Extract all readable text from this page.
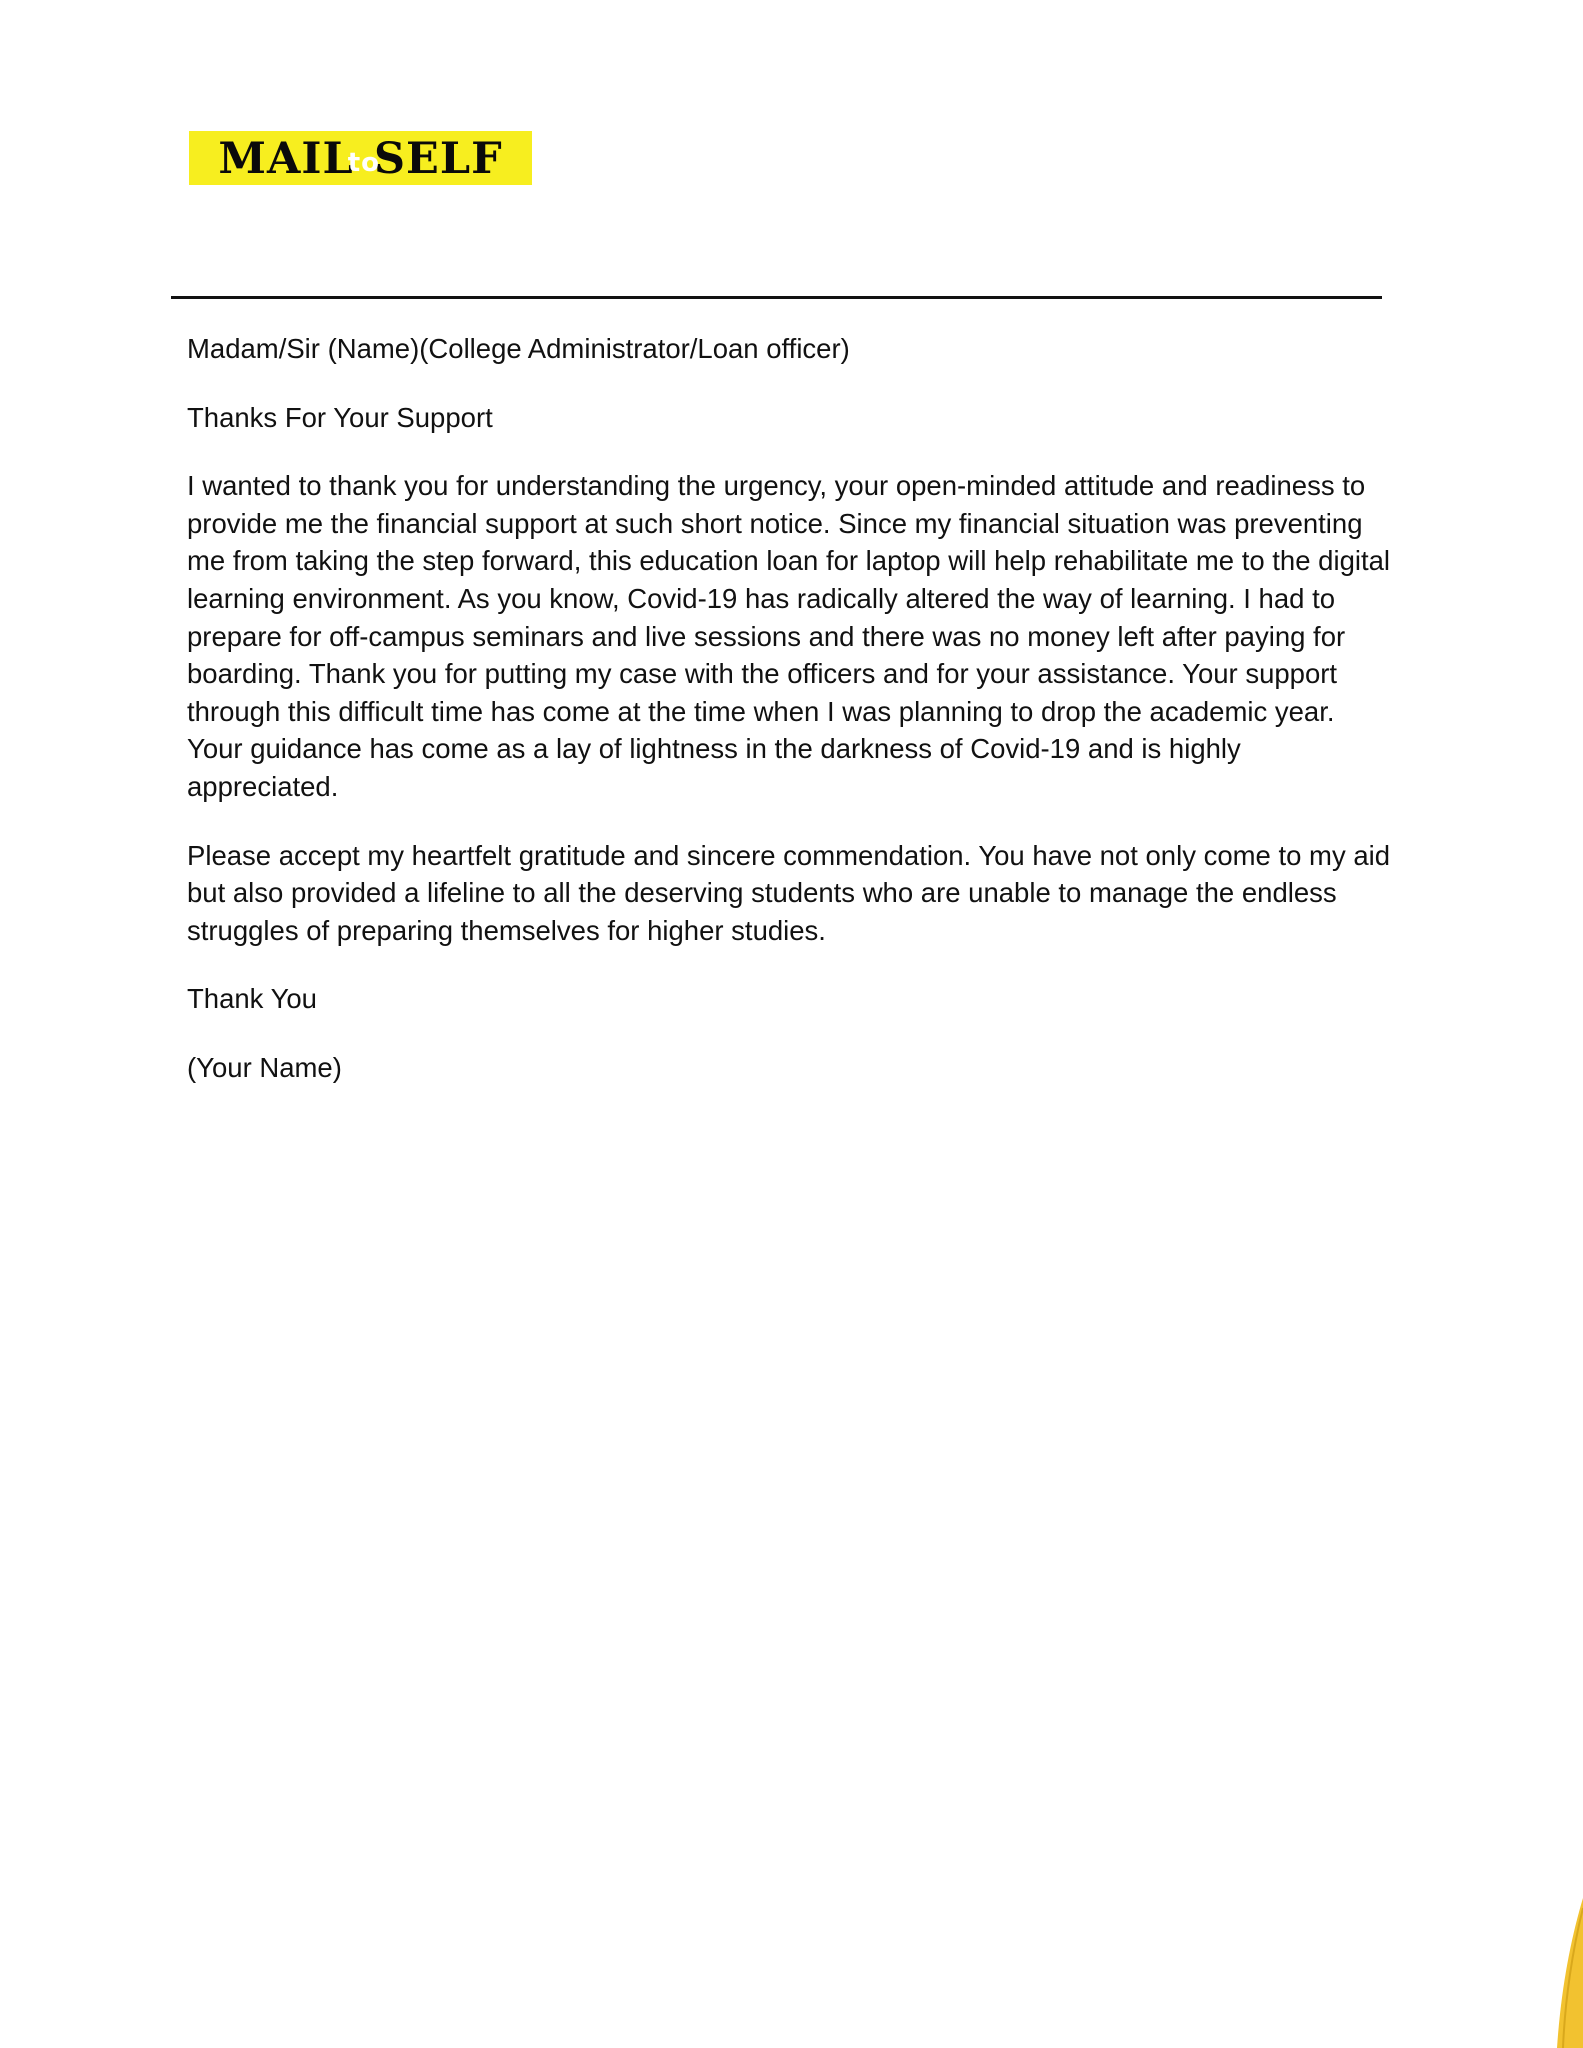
MAILtoSELF

Madam/Sir (Name)(College Administrator/Loan officer)

Thanks For Your Support

I wanted to thank you for understanding the urgency, your open-minded attitude and readiness to provide me the financial support at such short notice. Since my financial situation was preventing me from taking the step forward, this education loan for laptop will help rehabilitate me to the digital learning environment. As you know, Covid-19 has radically altered the way of learning. I had to prepare for off-campus seminars and live sessions and there was no money left after paying for boarding. Thank you for putting my case with the officers and for your assistance. Your support through this difficult time has come at the time when I was planning to drop the academic year. Your guidance has come as a lay of lightness in the darkness of Covid-19 and is highly appreciated.

Please accept my heartfelt gratitude and sincere commendation. You have not only come to my aid but also provided a lifeline to all the deserving students who are unable to manage the endless struggles of preparing themselves for higher studies.

Thank You

(Your Name)
